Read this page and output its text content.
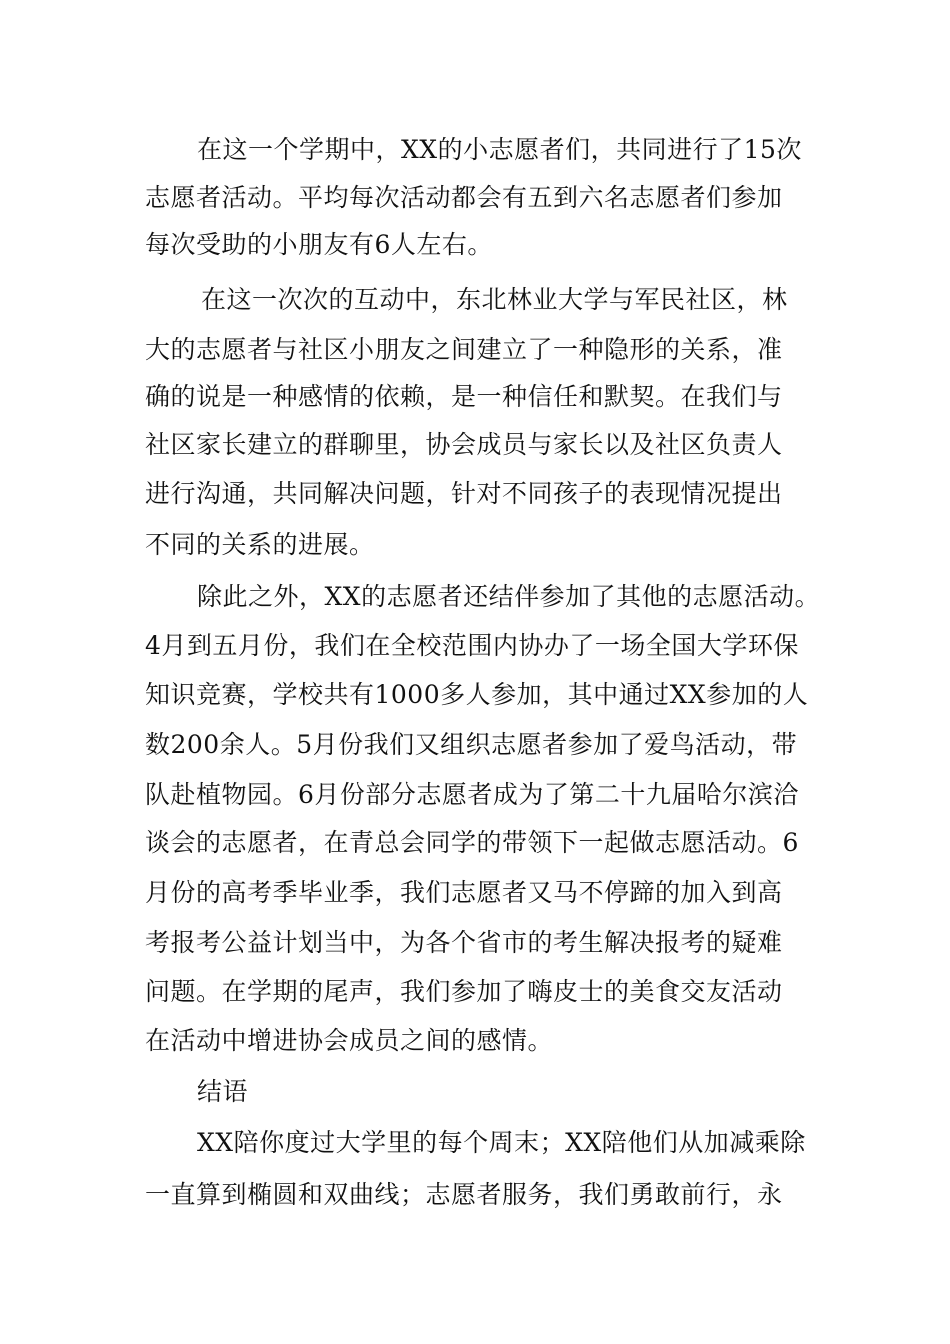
在这一个学期中，XX的小志愿者们，共同进行了15次
志愿者活动。平均每次活动都会有五到六名志愿者们参加
每次受助的小朋友有6人左右。
在这一次次的互动中，东北林业大学与军民社区，林
大的志愿者与社区小朋友之间建立了一种隐形的关系，准
确的说是一种感情的依赖，是一种信任和默契。在我们与
社区家长建立的群聊里，协会成员与家长以及社区负责人
进行沟通，共同解决问题，针对不同孩子的表现情况提出
不同的关系的进展。
除此之外，XX的志愿者还结伴参加了其他的志愿活动。
4月到五月份，我们在全校范围内协办了一场全国大学环保
知识竞赛，学校共有1000多人参加，其中通过XX参加的人
数200余人。5月份我们又组织志愿者参加了爱鸟活动，带
队赴植物园。6月份部分志愿者成为了第二十九届哈尔滨洽
谈会的志愿者，在青总会同学的带领下一起做志愿活动。6
月份的高考季毕业季，我们志愿者又马不停蹄的加入到高
考报考公益计划当中，为各个省市的考生解决报考的疑难
问题。在学期的尾声，我们参加了嗨皮士的美食交友活动
在活动中增进协会成员之间的感情。
结语
XX陪你度过大学里的每个周末；XX陪他们从加减乘除
一直算到椭圆和双曲线；志愿者服务，我们勇敢前行，永
